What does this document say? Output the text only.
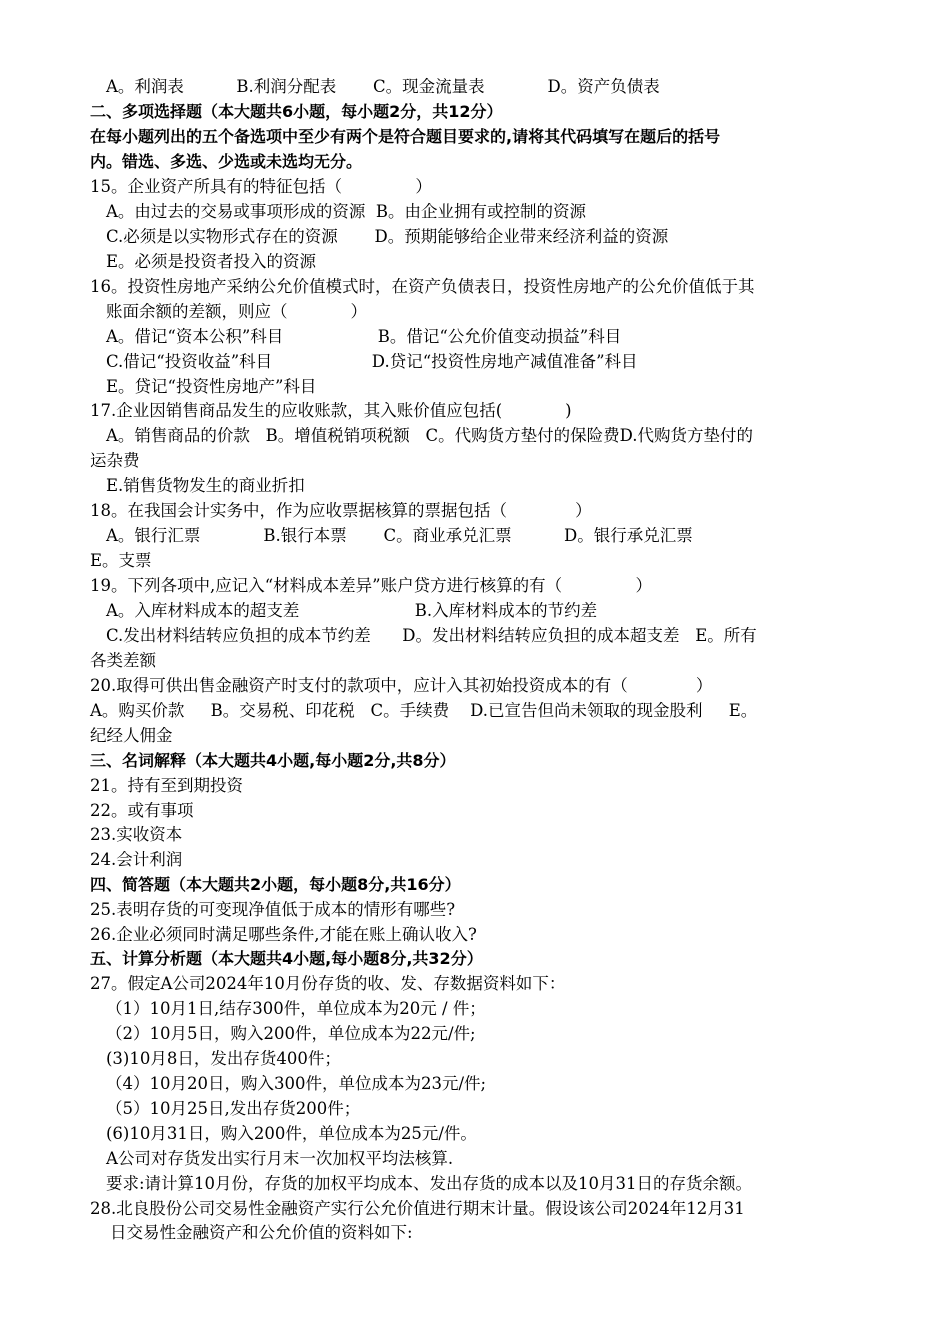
A。利润表          B.利润分配表       C。现金流量表            D。资产负债表
二、多项选择题（本大题共6小题，每小题2分，共12分）
在每小题列出的五个备选项中至少有两个是符合题目要求的,请将其代码填写在题后的括号
内。错选、多选、少选或未选均无分。
15。企业资产所具有的特征包括（              ）
A。由过去的交易或事项形成的资源  B。由企业拥有或控制的资源
C.必须是以实物形式存在的资源       D。预期能够给企业带来经济利益的资源
E。必须是投资者投入的资源
16。投资性房地产采纳公允价值模式时，在资产负债表日，投资性房地产的公允价值低于其
账面余额的差额，则应（            ）
A。借记“资本公积”科目                  B。借记“公允价值变动损益”科目
C.借记“投资收益”科目                   D.贷记“投资性房地产减值准备”科目
E。贷记“投资性房地产”科目
17.企业因销售商品发生的应收账款，其入账价值应包括(            )
A。销售商品的价款   B。增值税销项税额   C。代购货方垫付的保险费D.代购货方垫付的
运杂费
E.销售货物发生的商业折扣
18。在我国会计实务中，作为应收票据核算的票据包括（             ）
A。银行汇票            B.银行本票       C。商业承兑汇票          D。银行承兑汇票
E。支票
19。下列各项中,应记入“材料成本差异”账户贷方进行核算的有（              ）
A。入库材料成本的超支差                      B.入库材料成本的节约差
C.发出材料结转应负担的成本节约差      D。发出材料结转应负担的成本超支差   E。所有
各类差额
20.取得可供出售金融资产时支付的款项中，应计入其初始投资成本的有（             ）
A。购买价款     B。交易税、印花税   C。手续费    D.已宣告但尚未领取的现金股利     E。
纪经人佣金
三、名词解释（本大题共4小题,每小题2分,共8分）
21。持有至到期投资
22。或有事项
23.实收资本
24.会计利润
四、简答题（本大题共2小题，每小题8分,共16分）
25.表明存货的可变现净值低于成本的情形有哪些?
26.企业必须同时满足哪些条件,才能在账上确认收入?
五、计算分析题（本大题共4小题,每小题8分,共32分）
27。假定A公司2024年10月份存货的收、发、存数据资料如下：
（1）10月1日,结存300件，单位成本为20元 / 件；
（2）10月5日，购入200件，单位成本为22元/件;
(3)10月8日，发出存货400件；
（4）10月20日，购入300件，单位成本为23元/件;
（5）10月25日,发出存货200件；
(6)10月31日，购入200件，单位成本为25元/件。
A公司对存货发出实行月末一次加权平均法核算.
要求:请计算10月份，存货的加权平均成本、发出存货的成本以及10月31日的存货余额。
28.北良股份公司交易性金融资产实行公允价值进行期末计量。假设该公司2024年12月31
日交易性金融资产和公允价值的资料如下:
